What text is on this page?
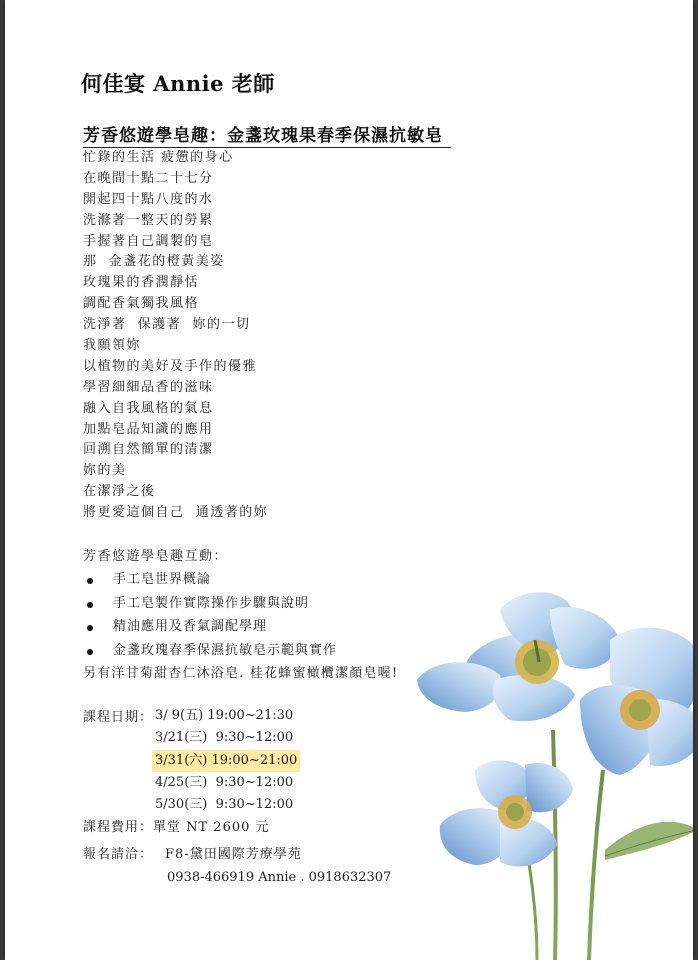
何佳宴 Annie 老師
芳香悠遊學皂趣：金盞玫瑰果春季保濕抗敏皂
忙錄的生活 疲憊的身心
在晚間十點二十七分
開起四十點八度的水
洗滌著一整天的勞累
手握著自己調製的皂
那  金盞花的橙黃美姿
玫瑰果的香潤靜恬
調配香氣獨我風格
洗淨著  保護著  妳的一切
我願領妳
以植物的美好及手作的優雅
學習細細品香的滋味
融入自我風格的氣息
加點皂品知識的應用
回溯自然簡單的清潔
妳的美
在潔淨之後
將更愛這個自己  通透著的妳
芳香悠遊學皂趣互動：
手工皂世界概論
手工皂製作實際操作步驟與說明
精油應用及香氣調配學理
金盞玫瑰春季保濕抗敏皂示範與實作
另有洋甘菊甜杏仁沐浴皂. 桂花蜂蜜橄欖潔顏皂喔!
課程日期： 3/ 9(五) 19:00~21:30
3/21(三)  9:30~12:00
3/31(六) 19:00~21:00
4/25(三)  9:30~12:00
5/30(三)  9:30~12:00
課程費用：單堂 NT 2600 元
報名請洽： F8-黛田國際芳療學苑
0938-466919 Annie . 0918632307
